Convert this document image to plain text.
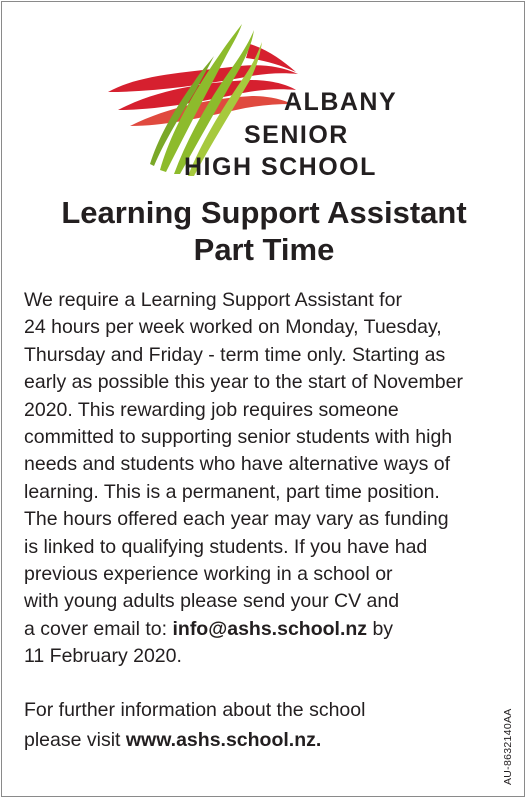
ALBANY
SENIOR
HIGH SCHOOL
Learning Support Assistant
Part Time
We require a Learning Support Assistant for
24 hours per week worked on Monday, Tuesday,
Thursday and Friday - term time only. Starting as
early as possible this year to the start of November
2020. This rewarding job requires someone
committed to supporting senior students with high
needs and students who have alternative ways of
learning. This is a permanent, part time position.
The hours offered each year may vary as funding
is linked to qualifying students. If you have had
previous experience working in a school or
with young adults please send your CV and
a cover email to: info@ashs.school.nz by
11 February 2020.
For further information about the school
please visit www.ashs.school.nz.	AU-8632140AA
